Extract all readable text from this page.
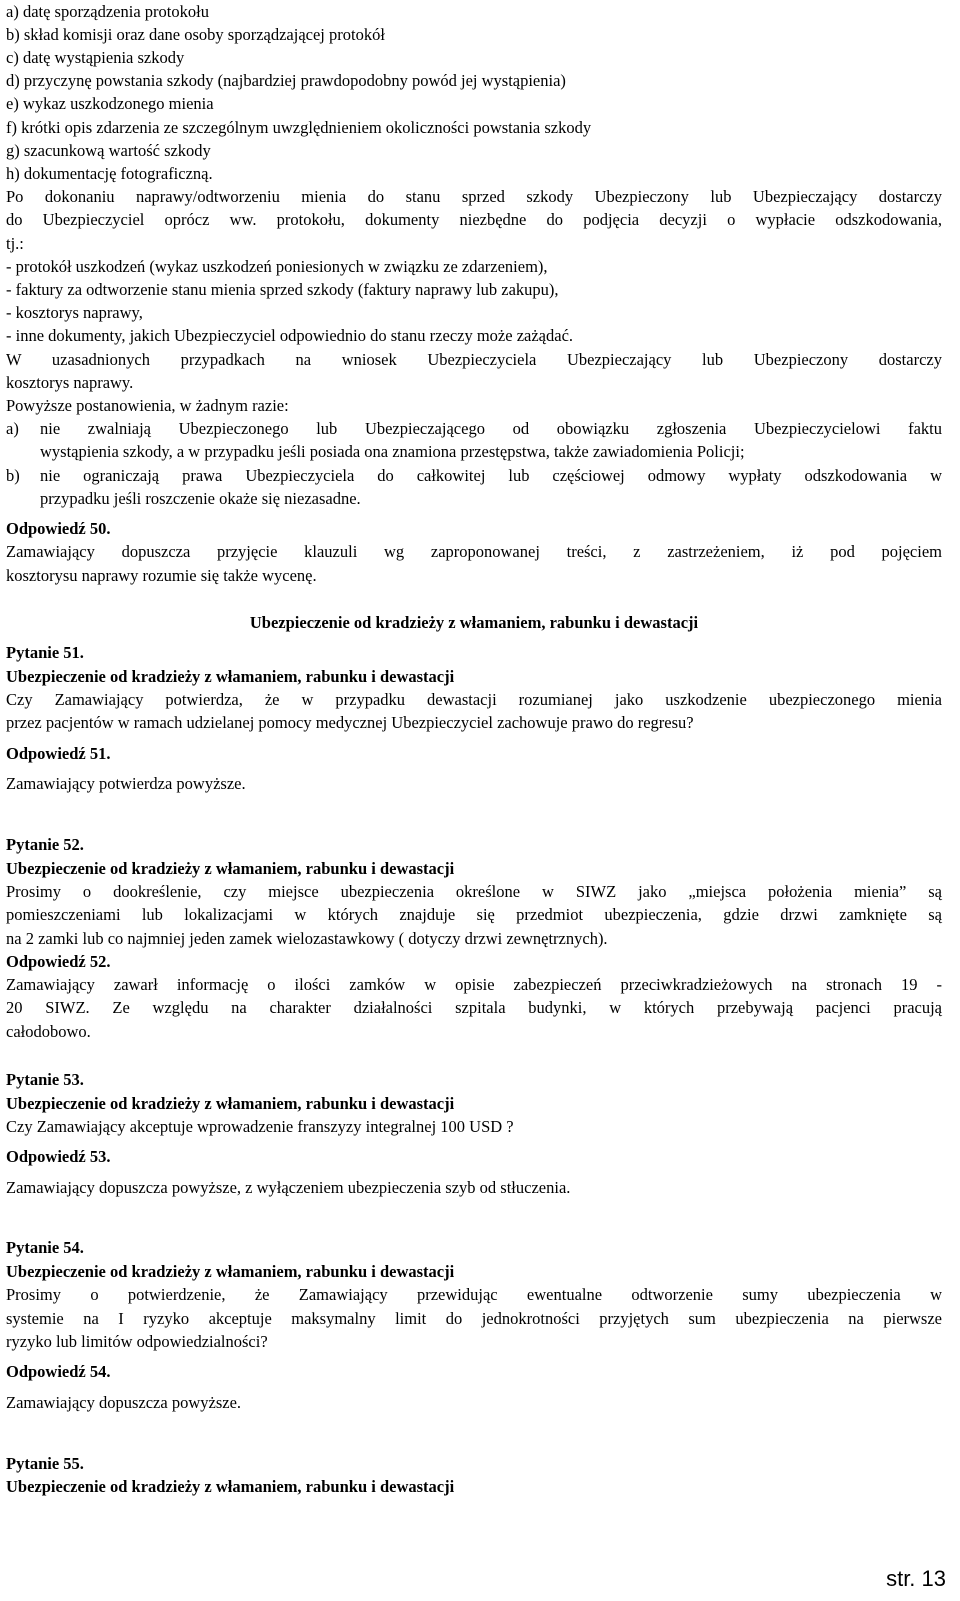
a) datę sporządzenia protokołu
b) skład komisji oraz dane osoby sporządzającej protokół
c) datę wystąpienia szkody
d) przyczynę powstania szkody (najbardziej prawdopodobny powód jej wystąpienia)
e) wykaz uszkodzonego mienia
f) krótki opis zdarzenia ze szczególnym uwzględnieniem okoliczności powstania szkody
g) szacunkową wartość szkody
h) dokumentację fotograficzną.
Po dokonaniu naprawy/odtworzeniu mienia do stanu sprzed szkody Ubezpieczony lub Ubezpieczający dostarczy
do Ubezpieczyciel oprócz ww. protokołu, dokumenty niezbędne do podjęcia decyzji o wypłacie odszkodowania,
tj.:
- protokół uszkodzeń (wykaz uszkodzeń poniesionych w związku ze zdarzeniem),
- faktury za odtworzenie stanu mienia sprzed szkody (faktury naprawy lub zakupu),
- kosztorys naprawy,
- inne dokumenty, jakich Ubezpieczyciel odpowiednio do stanu rzeczy może zażądać.
W uzasadnionych przypadkach na wniosek Ubezpieczyciela Ubezpieczający lub Ubezpieczony dostarczy
kosztorys naprawy.
Powyższe postanowienia, w żadnym razie:
a) nie zwalniają Ubezpieczonego lub Ubezpieczającego od obowiązku zgłoszenia Ubezpieczycielowi faktu
wystąpienia szkody, a w przypadku jeśli posiada ona znamiona przestępstwa, także zawiadomienia Policji;
b) nie ograniczają prawa Ubezpieczyciela do całkowitej lub częściowej odmowy wypłaty odszkodowania w
przypadku jeśli roszczenie okaże się niezasadne.
Odpowiedź 50.
Zamawiający dopuszcza przyjęcie klauzuli wg zaproponowanej treści, z zastrzeżeniem, iż pod pojęciem
kosztorysu naprawy rozumie się także wycenę.
Ubezpieczenie od kradzieży z włamaniem, rabunku i dewastacji
Pytanie 51.
Ubezpieczenie od kradzieży z włamaniem, rabunku i dewastacji
Czy Zamawiający potwierdza, że w przypadku dewastacji rozumianej jako uszkodzenie ubezpieczonego mienia
przez pacjentów w ramach udzielanej pomocy medycznej Ubezpieczyciel zachowuje prawo do regresu?
Odpowiedź 51.
Zamawiający potwierdza powyższe.
Pytanie 52.
Ubezpieczenie od kradzieży z włamaniem, rabunku i dewastacji
Prosimy o dookreślenie, czy miejsce ubezpieczenia określone w SIWZ jako „miejsca położenia mienia” są
pomieszczeniami lub lokalizacjami w których znajduje się przedmiot ubezpieczenia, gdzie drzwi zamknięte są
na 2 zamki lub co najmniej jeden zamek wielozastawkowy ( dotyczy drzwi zewnętrznych).
Odpowiedź 52.
Zamawiający zawarł informację o ilości zamków w opisie zabezpieczeń przeciwkradzieżowych na stronach 19 -
20 SIWZ. Ze względu na charakter działalności szpitala budynki, w których przebywają pacjenci pracują
całodobowo.
Pytanie 53.
Ubezpieczenie od kradzieży z włamaniem, rabunku i dewastacji
Czy Zamawiający akceptuje wprowadzenie franszyzy integralnej 100 USD ?
Odpowiedź 53.
Zamawiający dopuszcza powyższe, z wyłączeniem ubezpieczenia szyb od stłuczenia.
Pytanie 54.
Ubezpieczenie od kradzieży z włamaniem, rabunku i dewastacji
Prosimy o potwierdzenie, że Zamawiający przewidując ewentualne odtworzenie sumy ubezpieczenia w
systemie na I ryzyko akceptuje maksymalny limit do jednokrotności przyjętych sum ubezpieczenia na pierwsze
ryzyko lub limitów odpowiedzialności?
Odpowiedź 54.
Zamawiający dopuszcza powyższe.
Pytanie 55.
Ubezpieczenie od kradzieży z włamaniem, rabunku i dewastacji
str. 13
